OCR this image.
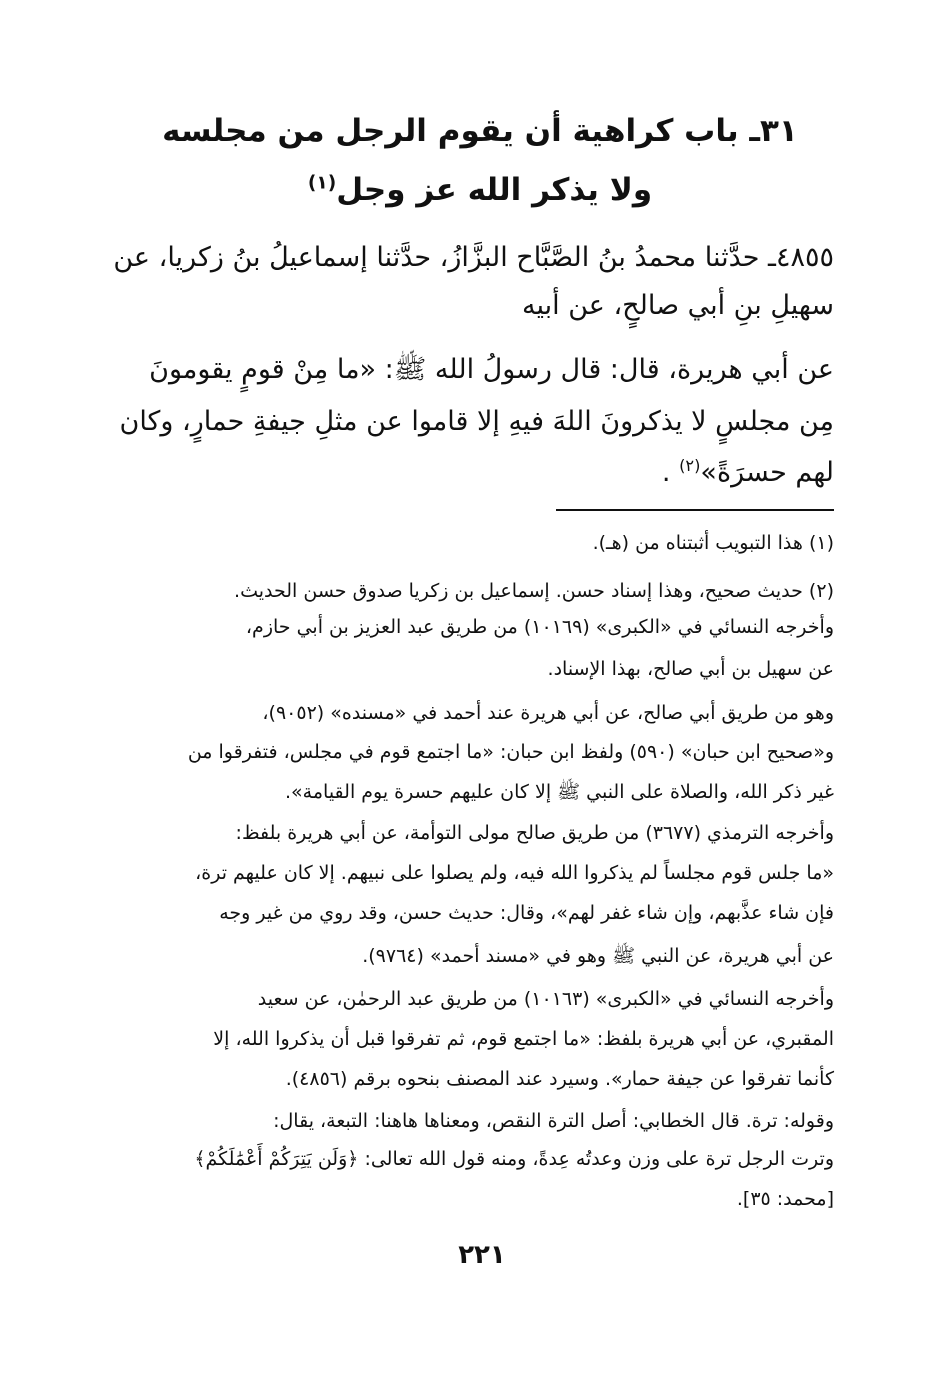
٣١ـ باب كراهية أن يقوم الرجل من مجلسه
ولا يذكر الله عز وجل$^{(١)}$
٤٨٥٥ـ حدَّثنا محمدُ بنُ الصَّبَّاح البزَّازُ، حدَّثنا إسماعيلُ بنُ زكريا، عن
سهيلِ بنِ أبي صالحٍ، عن أبيه
عن أبي هريرة، قال: قال رسولُ الله ﷺ: «ما مِنْ قومٍ يقومونَ
مِن مجلسٍ لا يذكرونَ اللهَ فيهِ إلا قاموا عن مثلِ جيفةِ حمارٍ، وكان
لهم حسرَةً»$^{(٢)}$ .
(١) هذا التبويب أثبتناه من (هـ).
(٢) حديث صحيح، وهذا إسناد حسن. إسماعيل بن زكريا صدوق حسن الحديث.
وأخرجه النسائي في «الكبرى» (١٠١٦٩) من طريق عبد العزيز بن أبي حازم،
عن سهيل بن أبي صالح، بهذا الإسناد.
وهو من طريق أبي صالح، عن أبي هريرة عند أحمد في «مسنده» (٩٠٥٢)،
و«صحيح ابن حبان» (٥٩٠) ولفظ ابن حبان: «ما اجتمع قوم في مجلس، فتفرقوا من
غير ذكر الله، والصلاة على النبي ﷺ إلا كان عليهم حسرة يوم القيامة».
وأخرجه الترمذي (٣٦٧٧) من طريق صالح مولى التوأمة، عن أبي هريرة بلفظ:
«ما جلس قوم مجلساً لم يذكروا الله فيه، ولم يصلوا على نبيهم. إلا كان عليهم ترة،
فإن شاء عذَّبهم، وإن شاء غفر لهم»، وقال: حديث حسن، وقد روي من غير وجه
عن أبي هريرة، عن النبي ﷺ وهو في «مسند أحمد» (٩٧٦٤).
وأخرجه النسائي في «الكبرى» (١٠١٦٣) من طريق عبد الرحمٰن، عن سعيد
المقبري، عن أبي هريرة بلفظ: «ما اجتمع قوم، ثم تفرقوا قبل أن يذكروا الله، إلا
كأنما تفرقوا عن جيفة حمار». وسيرد عند المصنف بنحوه برقم (٤٨٥٦).
وقوله: ترة. قال الخطابي: أصل الترة النقص، ومعناها هاهنا: التبعة، يقال:
وترت الرجل ترة على وزن وعدتُه عِدةً، ومنه قول الله تعالى: ﴿وَلَن يَتِرَكُمْ أَعْمَٰلَكُمْ﴾
[محمد: ٣٥].
٢٢١
